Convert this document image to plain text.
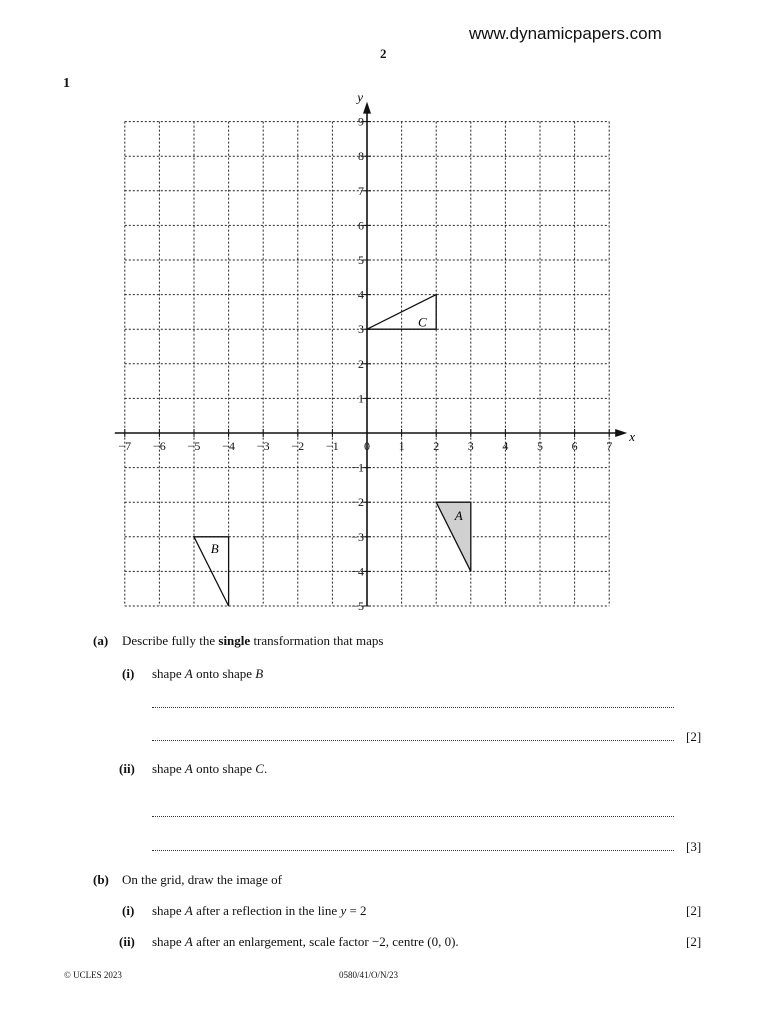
www.dynamicpapers.com
2
1
x
y
−7 −6 −5 −4 −3 −2 −1 0 1 2 3 4 5 6 7
−5
−4
−3
−2
−1
1
2
3
4
5
6
7
8
9
A
B
C
(a) Describe fully the single transformation that maps
(i) shape A onto shape B
[2]
(ii) shape A onto shape C.
[3]
(b) On the grid, draw the image of
(i) shape A after a reflection in the line y = 2	[2]
(ii) shape A after an enlargement, scale factor −2, centre (0, 0).	[2]
© UCLES 2023	0580/41/O/N/23
